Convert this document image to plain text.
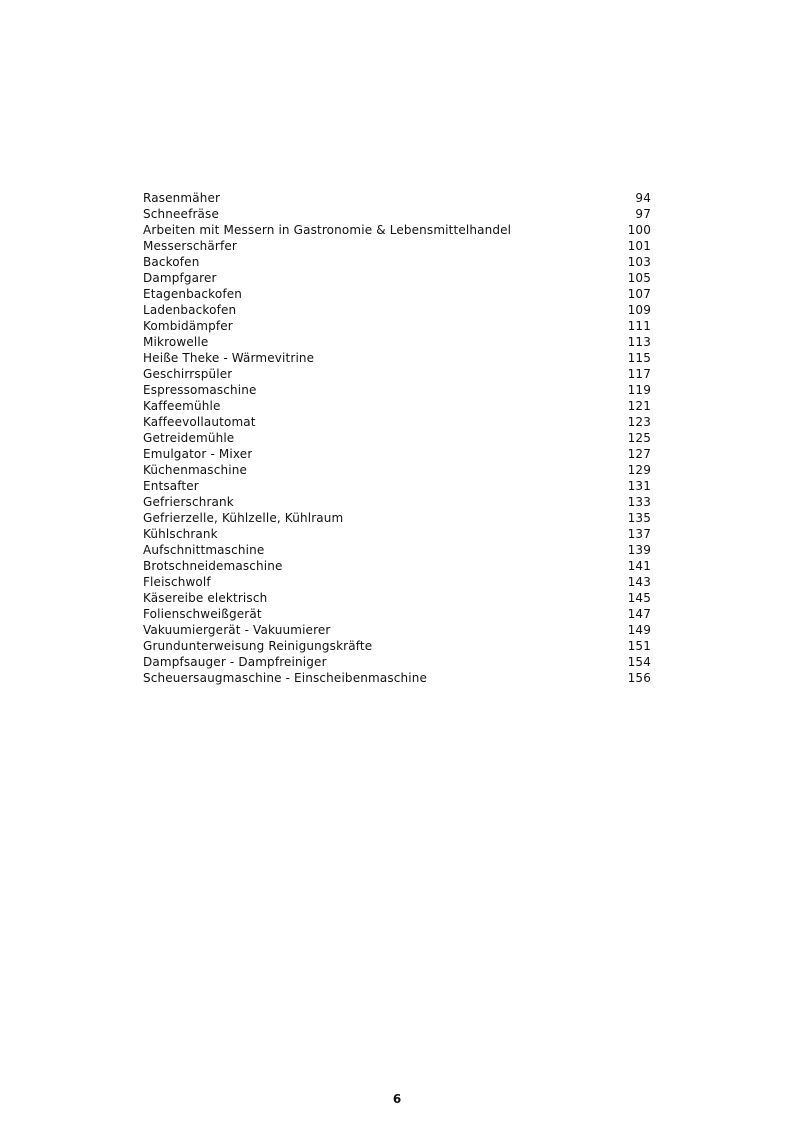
Rasenmäher	94
Schneefräse	97
Arbeiten mit Messern in Gastronomie & Lebensmittelhandel	100
Messerschärfer	101
Backofen	103
Dampfgarer	105
Etagenbackofen	107
Ladenbackofen	109
Kombidämpfer	111
Mikrowelle	113
Heiße Theke - Wärmevitrine	115
Geschirrspüler	117
Espressomaschine	119
Kaffeemühle	121
Kaffeevollautomat	123
Getreidemühle	125
Emulgator - Mixer	127
Küchenmaschine	129
Entsafter	131
Gefrierschrank	133
Gefrierzelle, Kühlzelle, Kühlraum	135
Kühlschrank	137
Aufschnittmaschine	139
Brotschneidemaschine	141
Fleischwolf	143
Käsereibe elektrisch	145
Folienschweißgerät	147
Vakuumiergerät - Vakuumierer	149
Grundunterweisung Reinigungskräfte	151
Dampfsauger - Dampfreiniger	154
Scheuersaugmaschine - Einscheibenmaschine	156
6
